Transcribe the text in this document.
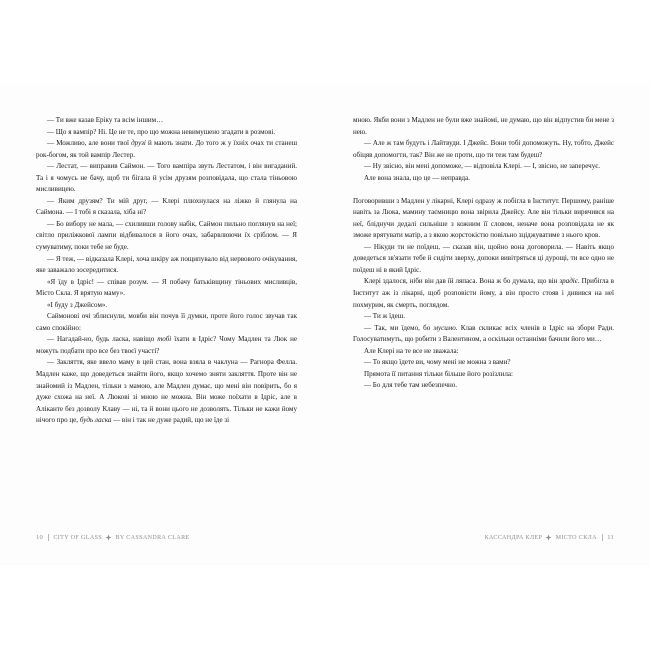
— Ти вже казав Еріку та всім іншим…

— Що я вампір? Ні. Це не те, про що можна невимушено згадати в розмові.

— Можливо, але вони твої друзі й мають знати. До того ж у їхніх очах ти станеш рок-богом, як той вампір Лестер.

— Лестат, — виправив Саймон. — Того вампіра звуть Лестатом, і він вигаданий. Та і я чомусь не бачу, щоб ти бігала й усім друзям розповідала, що стала тіньовою мисливицею.

— Яким друзям? Ти мій друг, — Клері плюхнулася на ліжко й глянула на Саймона. — І тобі я сказала, хіба ні?

— Бо вибору не мала, — схиливши голову набік, Саймон пильно поглянув на неї; світло приліжкової лампи відбивалося в його очах, забарвлюючи їх сріблом. — Я сумуватиму, поки тебе не буде.

— Я теж, — відказала Клері, хоча шкіру аж пощипувало від нервового очікування, яке заважало зосередитися.

«Я їду в Ідріс! — співав розум. — Я побачу батьківщину тіньових мисливців, Місто Скла. Я врятую маму».

«І буду з Джейсом».

Саймонові очі зблиснули, мовби він почув її думки, проте його голос звучав так само спокійно:

— Нагадай-но, будь ласка, навіщо тобі їхати в Ідріс? Чому Мадлен та Люк не можуть подбати про все без твоєї участі?

— Закляття, яке ввело маму в цей стан, вона взяла в чаклуна — Рагнора Фелла. Мадлен каже, що доведеться знайти його, якщо хочемо зняти закляття. Проте він не знайомий із Мадлен, тільки з мамою, але Мадлен думає, що мені він повірить, бо я дуже схожа на неї. А Люкові зі мною не можна. Він може поїхати в Ідріс, але в Аліканте без дозволу Клаву — ні, та й вони цього не дозволять. Тільки не кажи йому нічого про це, будь ласка — він і так не дуже радий, що не їде зі

10 CITY OF GLASS BY CASSANDRA CLARE

мною. Якби вони з Мадлен не були вже знайомі, не думаю, що він відпустив би мене з нею.

— Але ж там будуть і Лайтвуди. І Джейс. Вони тобі допоможуть. Ну, тобто, Джейс обіцяв допомогти, так? Він же не проти, що ти теж там будеш?

— Ну звісно, він мені допоможе, — відповіла Клері. — І, звісно, не заперечує.

Але вона знала, що це — неправда.

Поговоривши з Мадлен у лікарні, Клері одразу ж побігла в Інститут. Першому, раніше навіть за Люка, мамину таємницю вона звірила Джейсу. Але він тільки вирячився на неї, бліднучи дедалі сильніше з кожним її словом, неначе вона розповідала не як зможе врятувати матір, а з якою жорстокістю повільно зціджуватиме з нього кров.

— Нікуди ти не поїдеш, — сказав він, щойно вона договорила. — Навіть якщо доведеться зв'язати тебе й сидіти зверху, допоки вивітряться ці дурощі, ти все одно не поїдеш ні в який Ідріс.

Клері здалося, ніби він дав їй ляпаса. Вона ж бо думала, що він зрадіє. Прибігла в Інститут аж із лікарні, щоб розповісти йому, а він просто стояв і дивився на неї похмурим, як смерть, поглядом.

— Ти ж їдеш.

— Так, ми їдемо, бо мусимо. Клав скликає всіх членів в Ідріс на збори Ради. Голосуватимуть, що робити з Валентином, а оскільки останніми бачили його ми…

Але Клері на те все не зважала:

— То якщо їдете ви, чому мені не можна з вами?

Прямота її питання тільки більше його розізлила:

— Бо для тебе там небезпечно.

КАССАНДРА КЛЕР МІСТО СКЛА 11
